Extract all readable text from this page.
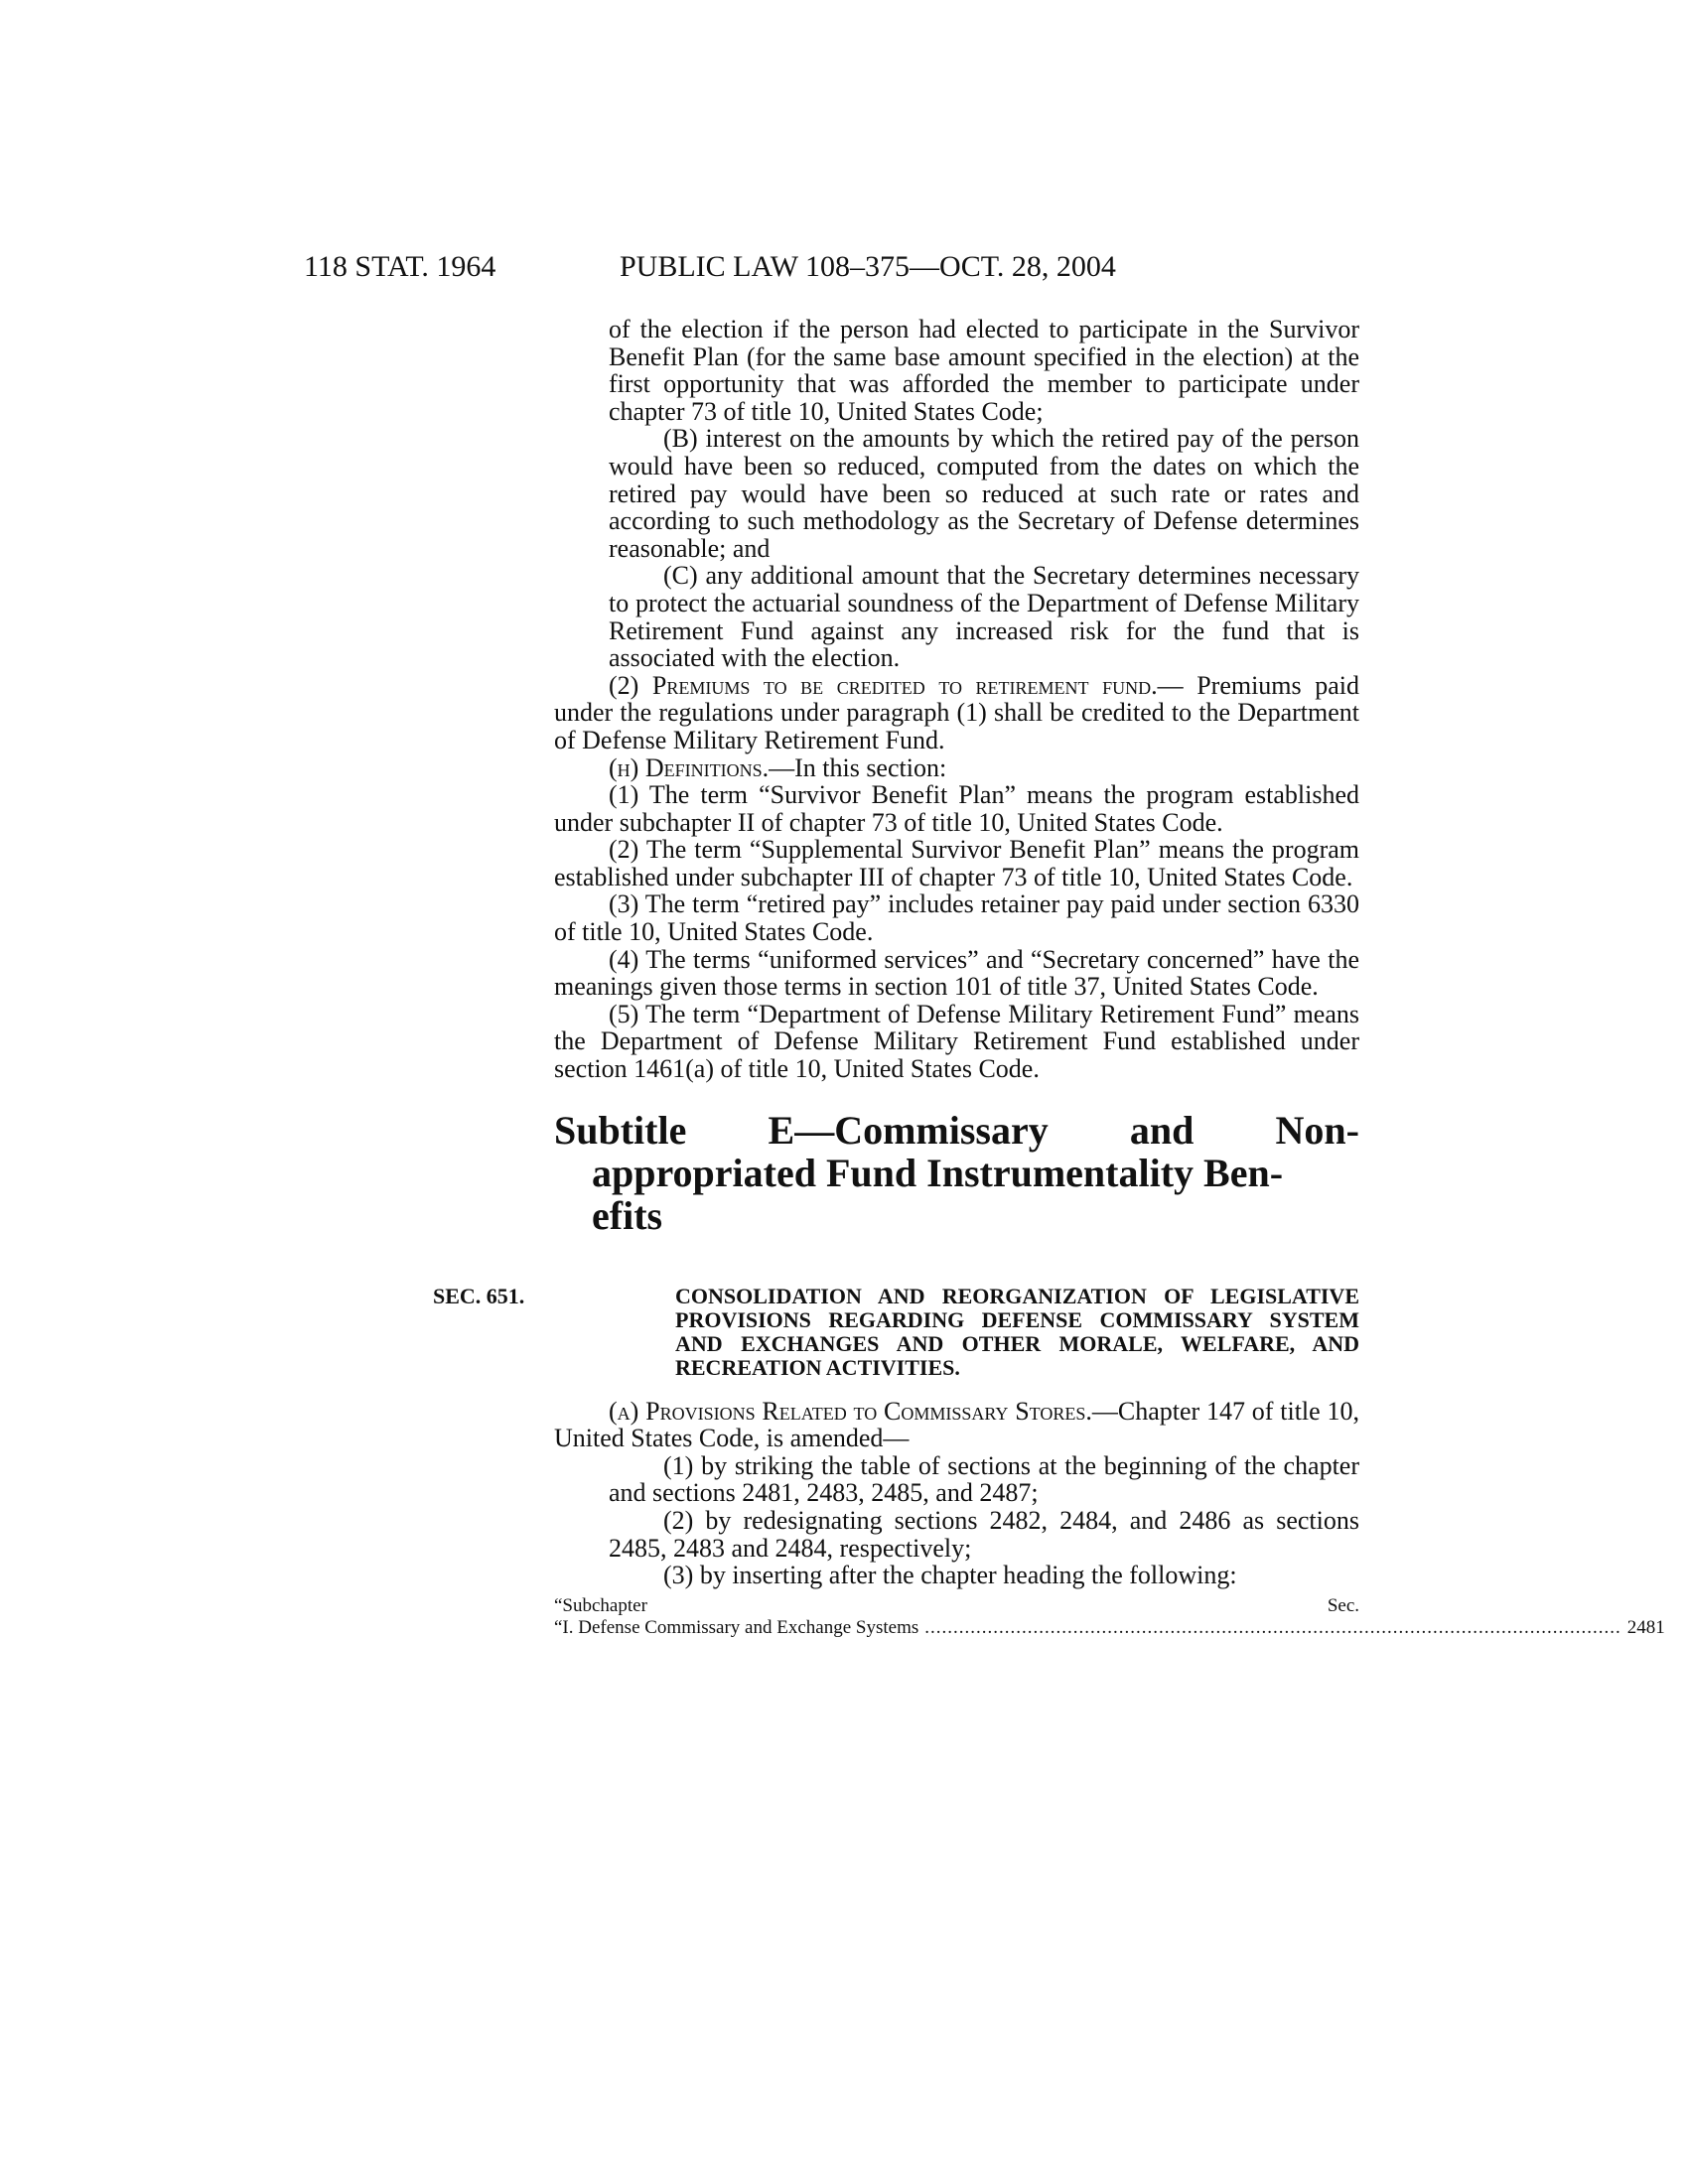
118 STAT. 1964	PUBLIC LAW 108–375—OCT. 28, 2004

of the election if the person had elected to participate in the Survivor Benefit Plan (for the same base amount specified in the election) at the first opportunity that was afforded the member to participate under chapter 73 of title 10, United States Code;

(B) interest on the amounts by which the retired pay of the person would have been so reduced, computed from the dates on which the retired pay would have been so reduced at such rate or rates and according to such methodology as the Secretary of Defense determines reasonable; and

(C) any additional amount that the Secretary determines necessary to protect the actuarial soundness of the Department of Defense Military Retirement Fund against any increased risk for the fund that is associated with the election.

(2) Premiums to be credited to retirement fund.— Premiums paid under the regulations under paragraph (1) shall be credited to the Department of Defense Military Retirement Fund.

(h) Definitions.—In this section:

(1) The term “Survivor Benefit Plan” means the program established under subchapter II of chapter 73 of title 10, United States Code.

(2) The term “Supplemental Survivor Benefit Plan” means the program established under subchapter III of chapter 73 of title 10, United States Code.

(3) The term “retired pay” includes retainer pay paid under section 6330 of title 10, United States Code.

(4) The terms “uniformed services” and “Secretary concerned” have the meanings given those terms in section 101 of title 37, United States Code.

(5) The term “Department of Defense Military Retirement Fund” means the Department of Defense Military Retirement Fund established under section 1461(a) of title 10, United States Code.

Subtitle E—Commissary and Non-
appropriated Fund Instrumentality Ben-
efits
SEC. 651.	CONSOLIDATION AND REORGANIZATION OF LEGISLATIVE PROVISIONS REGARDING DEFENSE COMMISSARY SYSTEM AND EXCHANGES AND OTHER MORALE, WELFARE, AND RECREATION ACTIVITIES.

(a) Provisions Related to Commissary Stores.—Chapter 147 of title 10, United States Code, is amended—

(1) by striking the table of sections at the beginning of the chapter and sections 2481, 2483, 2485, and 2487;

(2) by redesignating sections 2482, 2484, and 2486 as sections 2485, 2483 and 2484, respectively;

(3) by inserting after the chapter heading the following:

“Subchapter	Sec.
“I. Defense Commissary and Exchange Systems .......................................................................................................................... 2481
